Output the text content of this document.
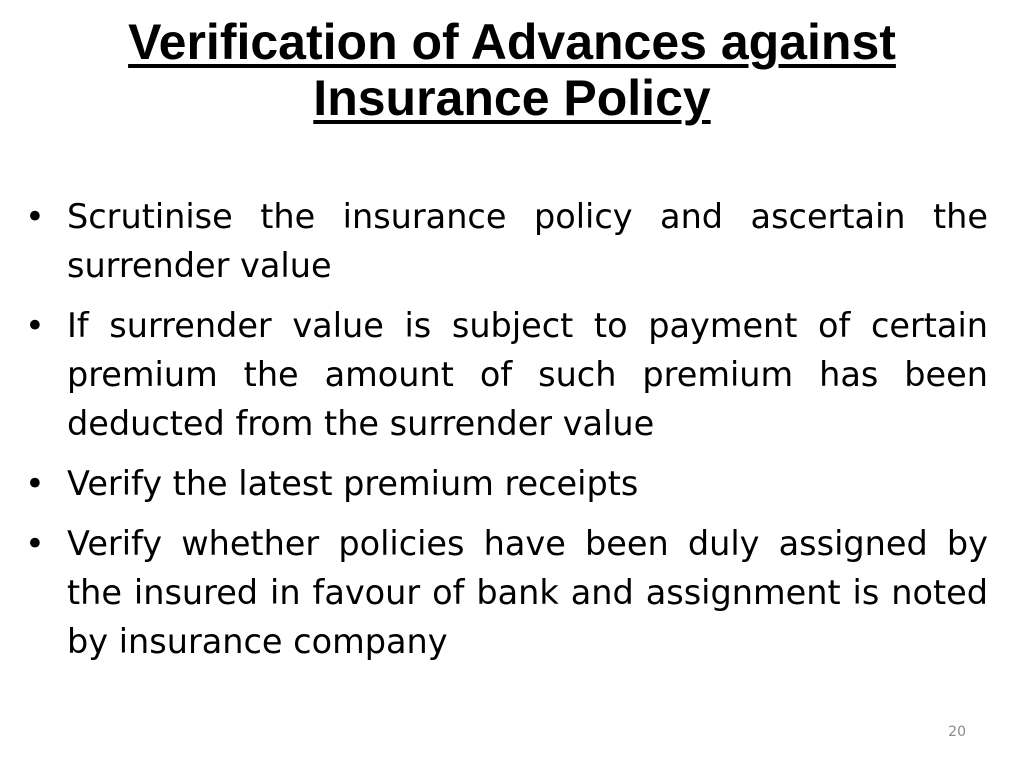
Verification of Advances against
Insurance Policy
• Scrutinise the insurance policy and ascertain the surrender value
• If surrender value is subject to payment of certain premium the amount of such premium has been deducted from the surrender value
• Verify the latest premium receipts
• Verify whether policies have been duly assigned by the insured in favour of bank and assignment is noted by insurance company
20
